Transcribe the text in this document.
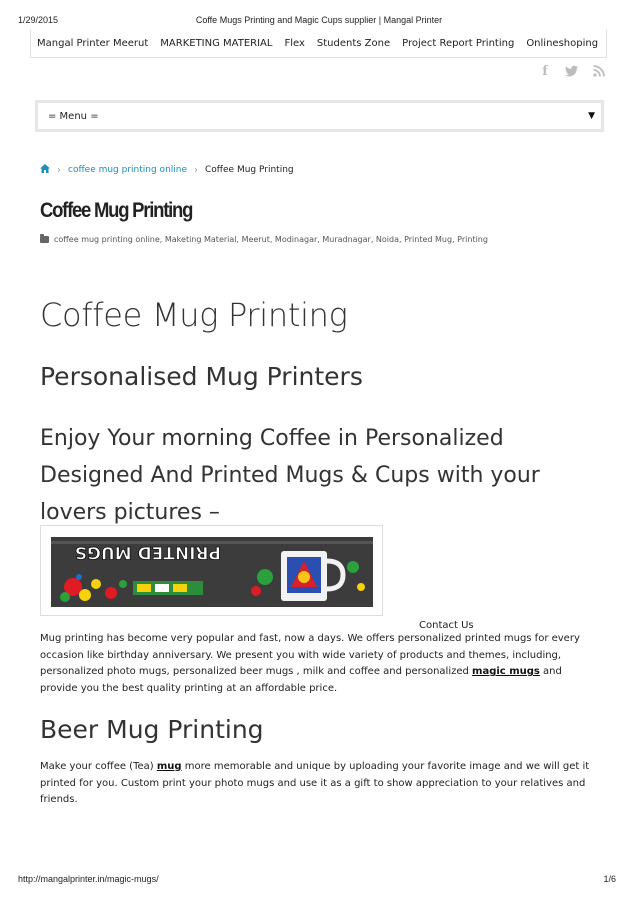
1/29/2015	Coffe Mugs Printing and Magic Cups supplier | Mangal Printer
Mangal Printer Meerut MARKETING MATERIAL Flex Students Zone Project Report Printing Onlineshoping
f
= Menu =	▼
› coffee mug printing online › Coffee Mug Printing
Coffee Mug Printing
coffee mug printing online, Maketing Material, Meerut, Modinagar, Muradnagar, Noida, Printed Mug, Printing
Coffee Mug Printing
Personalised Mug Printers
Enjoy Your morning Coffee in Personalized Designed And Printed Mugs & Cups with your lovers pictures –
PRINTED MUGS
Contact Us

Mug printing has become very popular and fast, now a days. We offers personalized printed mugs for every occasion like birthday anniversary. We present you with wide variety of products and themes, including, personalized photo mugs, personalized beer mugs , milk and coffee and personalized magic mugs and provide you the best quality printing at an affordable price.

Beer Mug Printing

Make your coffee (Tea) mug more memorable and unique by uploading your favorite image and we will get it printed for you. Custom print your photo mugs and use it as a gift to show appreciation to your relatives and friends.

http://mangalprinter.in/magic-mugs/	1/6
